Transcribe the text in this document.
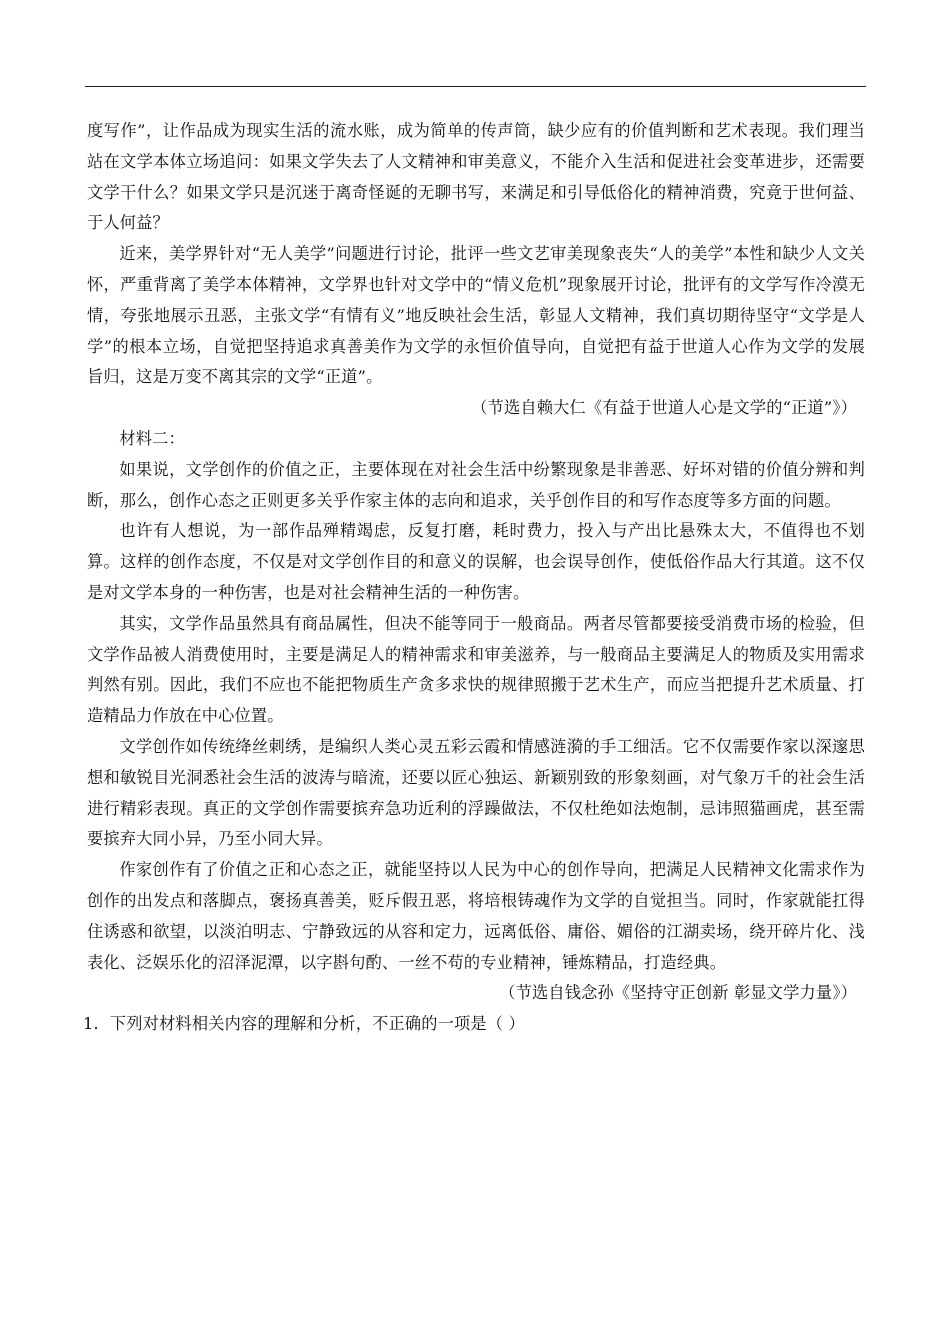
度写作”，让作品成为现实生活的流水账，成为简单的传声筒，缺少应有的价值判断和艺术表现。我们理当站在文学本体立场追问：如果文学失去了人文精神和审美意义，不能介入生活和促进社会变革进步，还需要文学干什么？如果文学只是沉迷于离奇怪诞的无聊书写，来满足和引导低俗化的精神消费，究竟于世何益、于人何益？

近来，美学界针对“无人美学”问题进行讨论，批评一些文艺审美现象丧失“人的美学”本性和缺少人文关怀，严重背离了美学本体精神，文学界也针对文学中的“情义危机”现象展开讨论，批评有的文学写作冷漠无情，夸张地展示丑恶，主张文学“有情有义”地反映社会生活，彰显人文精神，我们真切期待坚守“文学是人学”的根本立场，自觉把坚持追求真善美作为文学的永恒价值导向，自觉把有益于世道人心作为文学的发展旨归，这是万变不离其宗的文学“正道”。

（节选自赖大仁《有益于世道人心是文学的“正道”》）

材料二：

如果说，文学创作的价值之正，主要体现在对社会生活中纷繁现象是非善恶、好坏对错的价值分辨和判断，那么，创作心态之正则更多关乎作家主体的志向和追求，关乎创作目的和写作态度等多方面的问题。

也许有人想说，为一部作品殚精竭虑，反复打磨，耗时费力，投入与产出比悬殊太大，不值得也不划算。这样的创作态度，不仅是对文学创作目的和意义的误解，也会误导创作，使低俗作品大行其道。这不仅是对文学本身的一种伤害，也是对社会精神生活的一种伤害。

其实，文学作品虽然具有商品属性，但决不能等同于一般商品。两者尽管都要接受消费市场的检验，但文学作品被人消费使用时，主要是满足人的精神需求和审美滋养，与一般商品主要满足人的物质及实用需求判然有别。因此，我们不应也不能把物质生产贪多求快的规律照搬于艺术生产，而应当把提升艺术质量、打造精品力作放在中心位置。

文学创作如传统绛丝刺绣，是编织人类心灵五彩云霞和情感涟漪的手工细活。它不仅需要作家以深邃思想和敏锐目光洞悉社会生活的波涛与暗流，还要以匠心独运、新颖别致的形象刻画，对气象万千的社会生活进行精彩表现。真正的文学创作需要摈弃急功近利的浮躁做法，不仅杜绝如法炮制，忌讳照猫画虎，甚至需要摈弃大同小异，乃至小同大异。

作家创作有了价值之正和心态之正，就能坚持以人民为中心的创作导向，把满足人民精神文化需求作为创作的出发点和落脚点，褒扬真善美，贬斥假丑恶，将培根铸魂作为文学的自觉担当。同时，作家就能扛得住诱惑和欲望，以淡泊明志、宁静致远的从容和定力，远离低俗、庸俗、媚俗的江湖卖场，绕开碎片化、浅表化、泛娱乐化的沼泽泥潭，以字斟句酌、一丝不苟的专业精神，锤炼精品，打造经典。

（节选自钱念孙《坚持守正创新 彰显文学力量》）

1．下列对材料相关内容的理解和分析，不正确的一项是（ ）
